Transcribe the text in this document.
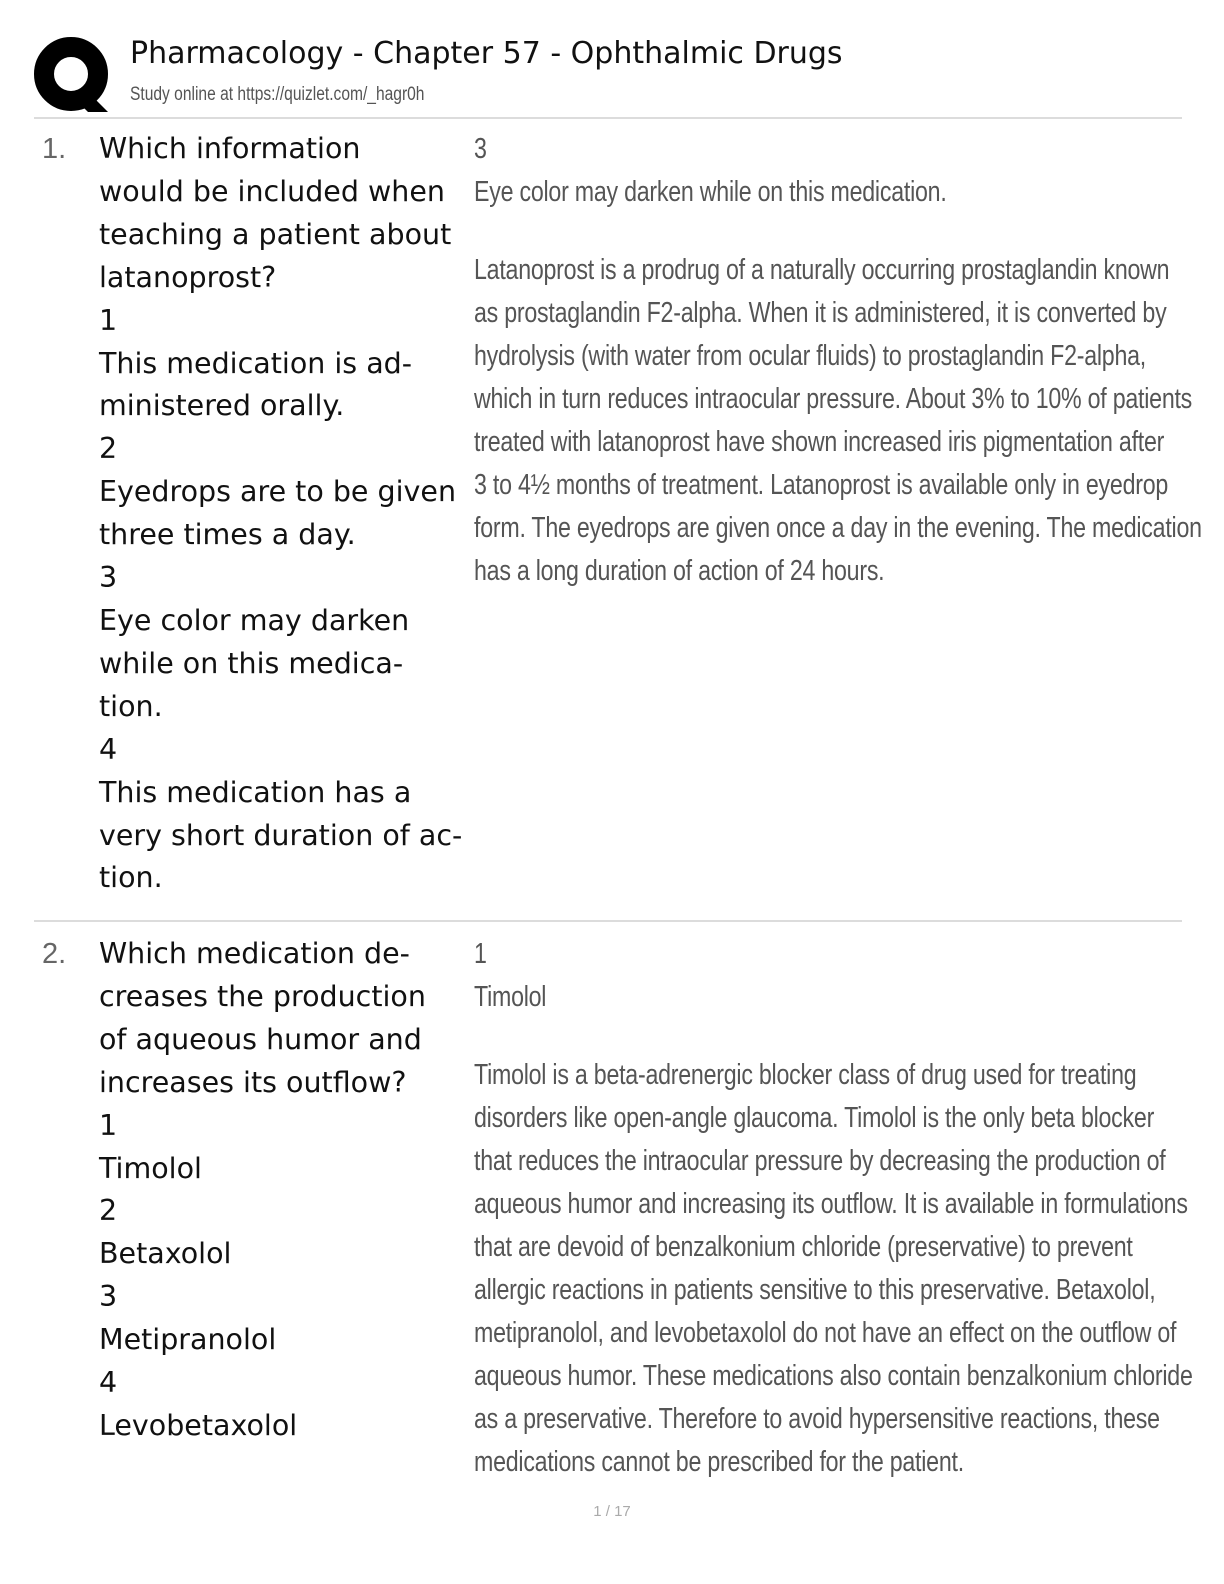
Pharmacology - Chapter 57 - Ophthalmic Drugs
Study online at https://quizlet.com/_hagr0h
1. Which information
would be included when
teaching a patient about
latanoprost?
1
This medication is ad-
ministered orally.
2
Eyedrops are to be given
three times a day.
3
Eye color may darken
while on this medica-
tion.
4
This medication has a
very short duration of ac-
tion.
3
Eye color may darken while on this medication.
Latanoprost is a prodrug of a naturally occurring prostaglandin known
as prostaglandin F2-alpha. When it is administered, it is converted by
hydrolysis (with water from ocular fluids) to prostaglandin F2-alpha,
which in turn reduces intraocular pressure. About 3% to 10% of patients
treated with latanoprost have shown increased iris pigmentation after
3 to 4½ months of treatment. Latanoprost is available only in eyedrop
form. The eyedrops are given once a day in the evening. The medication
has a long duration of action of 24 hours.
2. Which medication de-
creases the production
of aqueous humor and
increases its outflow?
1
Timolol
2
Betaxolol
3
Metipranolol
4
Levobetaxolol
1
Timolol
Timolol is a beta-adrenergic blocker class of drug used for treating
disorders like open-angle glaucoma. Timolol is the only beta blocker
that reduces the intraocular pressure by decreasing the production of
aqueous humor and increasing its outflow. It is available in formulations
that are devoid of benzalkonium chloride (preservative) to prevent
allergic reactions in patients sensitive to this preservative. Betaxolol,
metipranolol, and levobetaxolol do not have an effect on the outflow of
aqueous humor. These medications also contain benzalkonium chloride
as a preservative. Therefore to avoid hypersensitive reactions, these
medications cannot be prescribed for the patient.
1 / 17
